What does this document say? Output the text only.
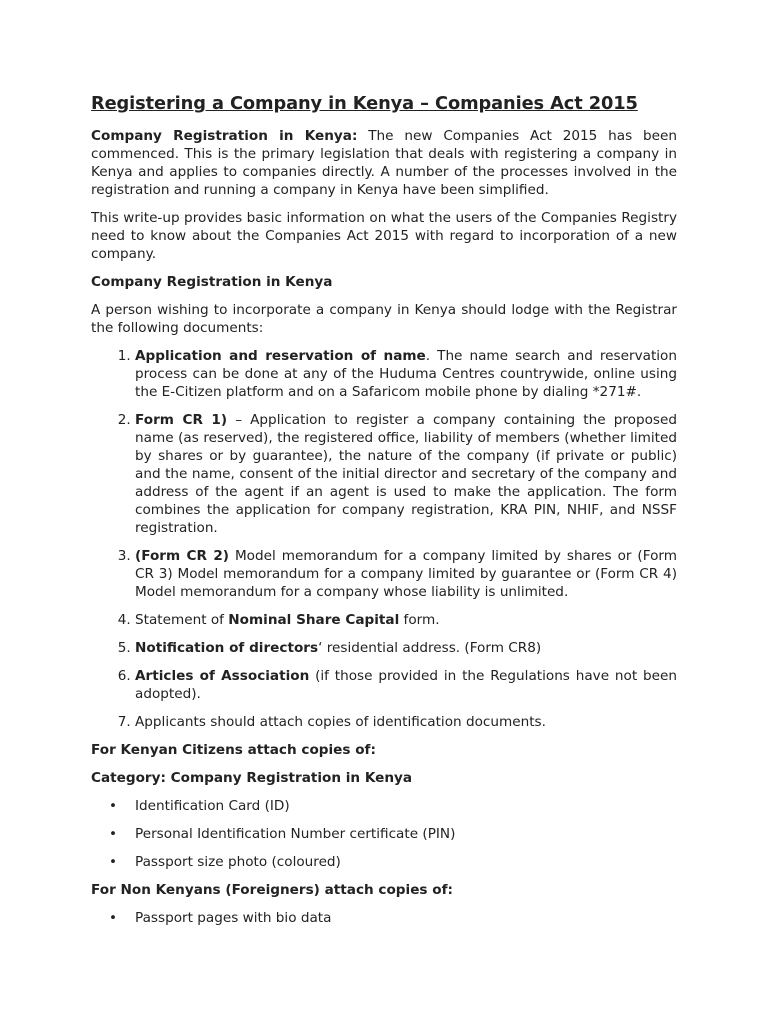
Registering a Company in Kenya – Companies Act 2015

Company Registration in Kenya: The new Companies Act 2015 has been commenced. This is the primary legislation that deals with registering a company in Kenya and applies to companies directly. A number of the processes involved in the registration and running a company in Kenya have been simplified.

This write-up provides basic information on what the users of the Companies Registry need to know about the Companies Act 2015 with regard to incorporation of a new company.

Company Registration in Kenya

A person wishing to incorporate a company in Kenya should lodge with the Registrar the following documents:

1. Application and reservation of name. The name search and reservation process can be done at any of the Huduma Centres countrywide, online using the E-Citizen platform and on a Safaricom mobile phone by dialing *271#.
2. Form CR 1) – Application to register a company containing the proposed name (as reserved), the registered office, liability of members (whether limited by shares or by guarantee), the nature of the company (if private or public) and the name, consent of the initial director and secretary of the company and address of the agent if an agent is used to make the application. The form combines the application for company registration, KRA PIN, NHIF, and NSSF registration.
3. (Form CR 2) Model memorandum for a company limited by shares or (Form CR 3) Model memorandum for a company limited by guarantee or (Form CR 4) Model memorandum for a company whose liability is unlimited.
4. Statement of Nominal Share Capital form.
5. Notification of directors‘ residential address. (Form CR8)
6. Articles of Association (if those provided in the Regulations have not been adopted).
7. Applicants should attach copies of identification documents.
For Kenyan Citizens attach copies of:
Category: Company Registration in Kenya
• Identification Card (ID)
• Personal Identification Number certificate (PIN)
• Passport size photo (coloured)
For Non Kenyans (Foreigners) attach copies of:
• Passport pages with bio data
